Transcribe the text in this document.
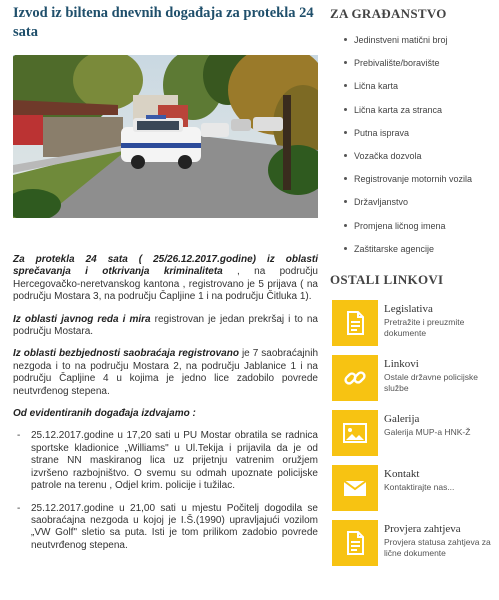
Izvod iz biltena dnevnih događaja za protekla 24 sata

Za protekla 24 sata ( 25/26.12.2017.godine) iz oblasti sprečavanja i otkrivanja kriminaliteta , na području Hercegovačko-neretvanskog kantona , registrovano je 5 prijava ( na području Mostara 3, na području Čapljine 1 i na području Čitluka 1).

Iz oblasti javnog reda i mira registrovan je jedan prekršaj i to na području Mostara.

Iz oblasti bezbjednosti saobraćaja registrovano je 7 saobraćajnih nezgoda i to na području Mostara 2, na području Jablanice 1 i na području Čapljine 4 u kojima je jedno lice zadobilo povrede neutvrđenog stepena.

Od evidentiranih događaja izdvajamo :

- 25.12.2017.godine u 17,20 sati u PU Mostar obratila se radnica sportske kladionice „Williams" u Ul.Tekija i prijavila da je od strane NN maskiranog lica uz prijetnju vatrenim oružjem izvršeno razbojništvo. O svemu su odmah upoznate policijske patrole na terenu , Odjel krim. policije i tužilac.

- 25.12.2017.godine u 21,00 sati u mjestu Počitelj dogodila se saobraćajna nezgoda u kojoj je I.Š.(1990) upravljajući vozilom „VW Golf" sletio sa puta. Isti je tom prilikom zadobio povrede neutvrđenog stepena.

ZA GRAĐANSTVO
Jedinstveni matični broj
Prebivalište/boravište
Lična karta
Lična karta za stranca
Putna isprava
Vozačka dozvola
Registrovanje motornih vozila
Državljanstvo
Promjena ličnog imena
Zaštitarske agencije
OSTALI LINKOVI
Legislativa
Pretražite i preuzmite dokumente
Linkovi
Ostale državne policijske službe
Galerija
Galerija MUP-a HNK-Ž
Kontakt
Kontaktirajte nas...
Provjera zahtjeva
Provjera statusa zahtjeva za lične dokumente
